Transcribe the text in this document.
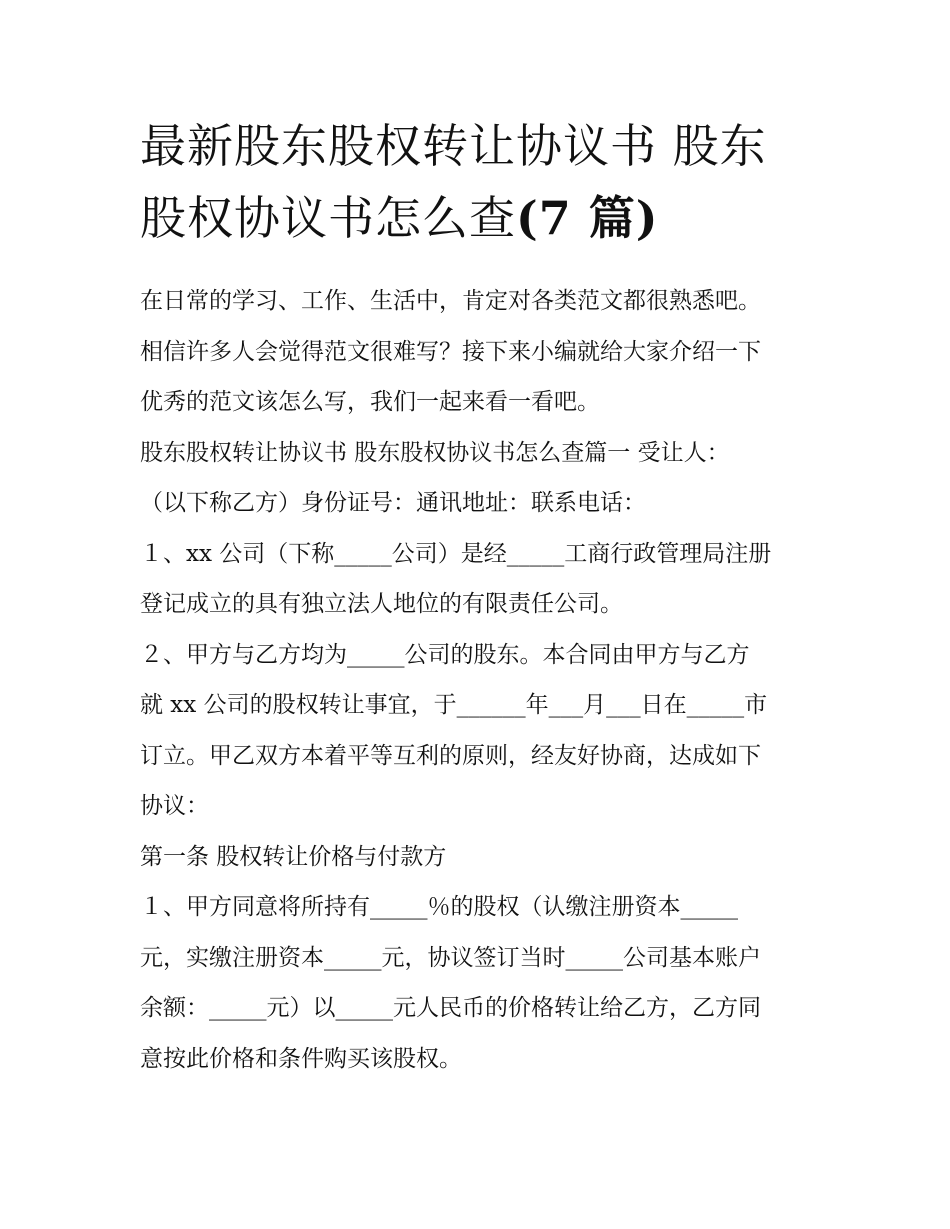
最新股东股权转让协议书 股东
股权协议书怎么查(7 篇)
在日常的学习、工作、生活中，肯定对各类范文都很熟悉吧。
相信许多人会觉得范文很难写？接下来小编就给大家介绍一下
优秀的范文该怎么写，我们一起来看一看吧。
股东股权转让协议书 股东股权协议书怎么查篇一 受让人：
（以下称乙方）身份证号：通讯地址：联系电话：
１、xx 公司（下称_____公司）是经_____工商行政管理局注册
登记成立的具有独立法人地位的有限责任公司。
２、甲方与乙方均为_____公司的股东。本合同由甲方与乙方
就 xx 公司的股权转让事宜，于______年___月___日在_____市
订立。甲乙双方本着平等互利的原则，经友好协商，达成如下
协议：
第一条 股权转让价格与付款方
１、甲方同意将所持有_____％的股权（认缴注册资本_____
元，实缴注册资本_____元，协议签订当时_____公司基本账户
余额：_____元）以_____元人民币的价格转让给乙方，乙方同
意按此价格和条件购买该股权。
